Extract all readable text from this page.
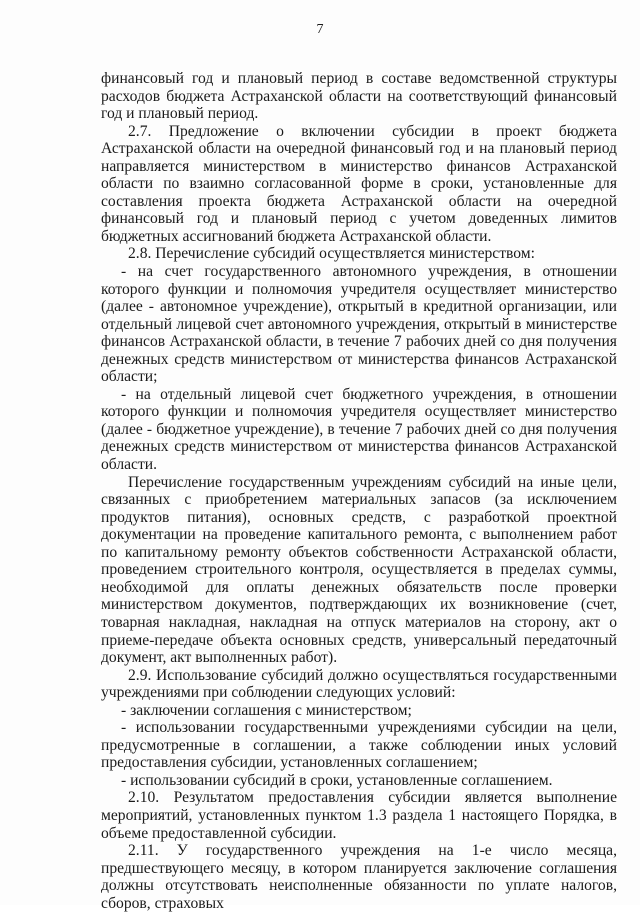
7

финансовый год и плановый период в составе ведомственной структуры расходов бюджета Астраханской области на соответствующий финансовый год и плановый период.

2.7. Предложение о включении субсидии в проект бюджета Астраханской области на очередной финансовый год и на плановый период направляется министерством в министерство финансов Астраханской области по взаимно согласованной форме в сроки, установленные для составления проекта бюджета Астраханской области на очередной финансовый год и плановый период с учетом доведенных лимитов бюджетных ассигнований бюджета Астраханской области.

2.8. Перечисление субсидий осуществляется министерством:

- на счет государственного автономного учреждения, в отношении которого функции и полномочия учредителя осуществляет министерство (далее - автономное учреждение), открытый в кредитной организации, или отдельный лицевой счет автономного учреждения, открытый в министерстве финансов Астраханской области, в течение 7 рабочих дней со дня получения денежных средств министерством от министерства финансов Астраханской области;

- на отдельный лицевой счет бюджетного учреждения, в отношении которого функции и полномочия учредителя осуществляет министерство (далее - бюджетное учреждение), в течение 7 рабочих дней со дня получения денежных средств министерством от министерства финансов Астраханской области.

Перечисление государственным учреждениям субсидий на иные цели, связанных с приобретением материальных запасов (за исключением продуктов питания), основных средств, с разработкой проектной документации на проведение капитального ремонта, с выполнением работ по капитальному ремонту объектов собственности Астраханской области, проведением строительного контроля, осуществляется в пределах суммы, необходимой для оплаты денежных обязательств после проверки министерством документов, подтверждающих их возникновение (счет, товарная накладная, накладная на отпуск материалов на сторону, акт о приеме-передаче объекта основных средств, универсальный передаточный документ, акт выполненных работ).

2.9. Использование субсидий должно осуществляться государственными учреждениями при соблюдении следующих условий:

- заключении соглашения с министерством;

- использовании государственными учреждениями субсидии на цели, предусмотренные в соглашении, а также соблюдении иных условий предоставления субсидии, установленных соглашением;

- использовании субсидий в сроки, установленные соглашением.

2.10. Результатом предоставления субсидии является выполнение мероприятий, установленных пунктом 1.3 раздела 1 настоящего Порядка, в объеме предоставленной субсидии.

2.11. У государственного учреждения на 1-е число месяца, предшествующего месяцу, в котором планируется заключение соглашения должны отсутствовать неисполненные обязанности по уплате налогов, сборов, страховых
